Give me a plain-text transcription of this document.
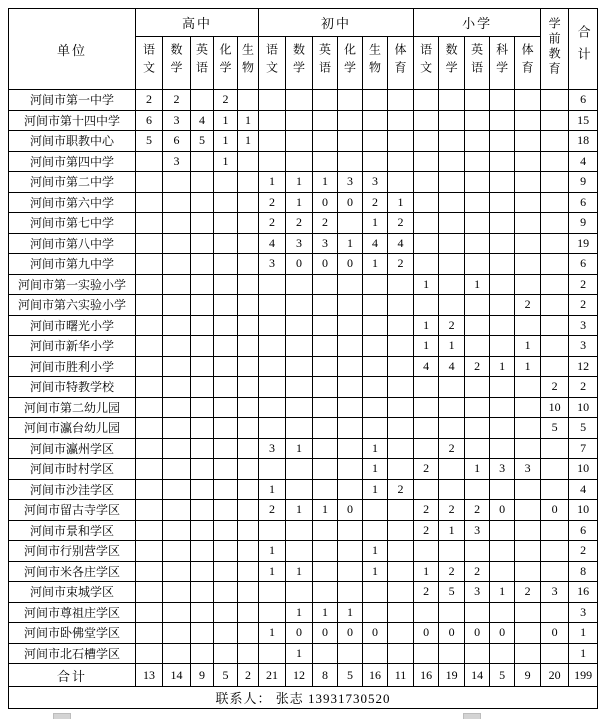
单位	高中					初中						小学					学前教育	合计
	语文	数学	英语	化学	生物	语文	数学	英语	化学	生物	体育	语文	数学	英语	科学	体育		
河间市第一中学	2	2		2														6
河间市第十四中学	6	3	4	1	1													15
河间市职教中心	5	6	5	1	1													18
河间市第四中学		3		1														4
河间市第二中学						1	1	1	3	3								9
河间市第六中学						2	1	0	0	2	1							6
河间市第七中学						2	2	2		1	2							9
河间市第八中学						4	3	3	1	4	4							19
河间市第九中学						3	0	0	0	1	2							6
河间市第一实验小学												1		1				2
河间市第六实验小学																2		2
河间市曙光小学												1	2					3
河间市新华小学												1	1			1		3
河间市胜利小学												4	4	2	1	1		12
河间市特教学校																	2	2
河间市第二幼儿园																	10	10
河间市瀛台幼儿园																	5	5
河间市瀛州学区						3	1			1			2					7
河间市时村学区										1		2		1	3	3		10
河间市沙洼学区						1				1	2							4
河间市留古寺学区						2	1	1	0			2	2	2	0		0	10
河间市景和学区												2	1	3				6
河间市行别营学区						1				1								2
河间市米各庄学区						1	1			1		1	2	2				8
河间市束城学区												2	5	3	1	2	3	16
河间市尊祖庄学区							1	1	1									3
河间市卧佛堂学区						1	0	0	0	0		0	0	0	0		0	1
河间市北石槽学区							1											1
合计	13	14	9	5	2	21	12	8	5	16	11	16	19	14	5	9	20	199
联系人： 张志 13931730520																		
